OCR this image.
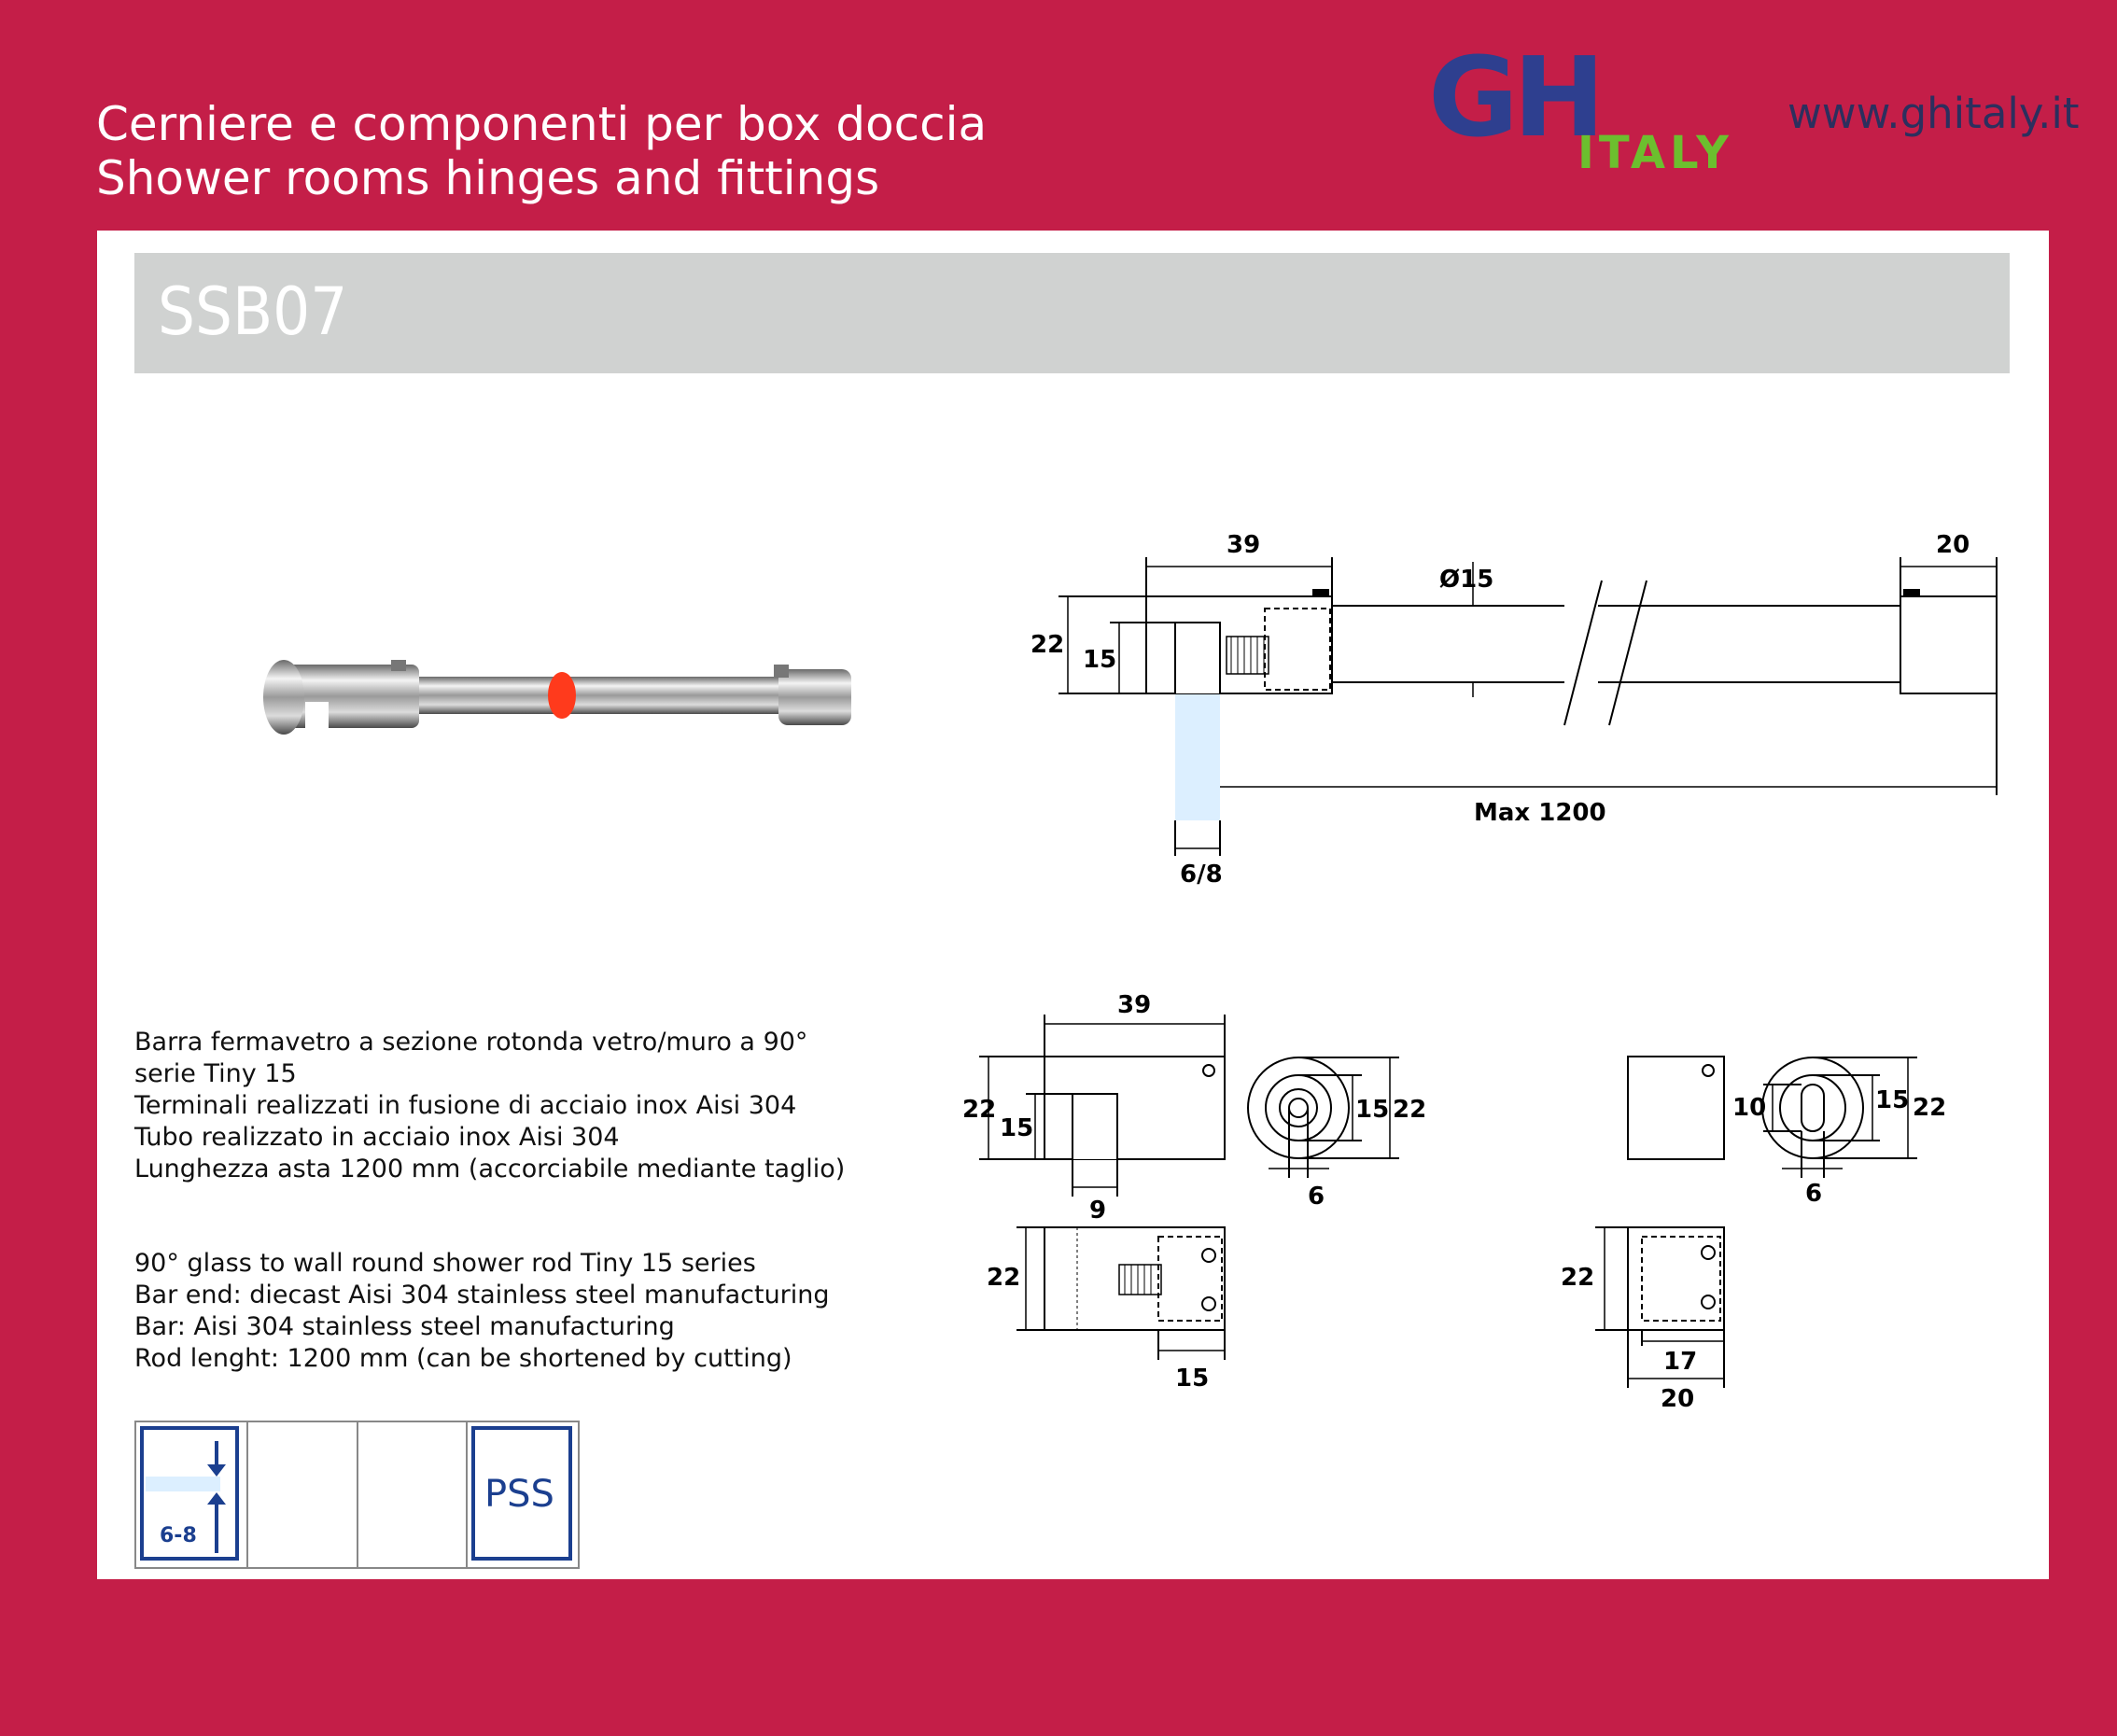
Cerniere e componenti per box doccia
Shower rooms hinges and fittings
GH
ITALY
www.ghitaly.it
SSB07
39
Ø15
20
22
15
Max 1200
6/8
Barra fermavetro a sezione rotonda vetro/muro a 90°
serie Tiny 15
Terminali realizzati in fusione di acciaio inox Aisi 304
Tubo realizzato in acciaio inox Aisi 304
Lunghezza asta 1200 mm (accorciabile mediante taglio)
90° glass to wall round shower rod Tiny 15 series
Bar end: diecast Aisi 304 stainless steel manufacturing
Bar: Aisi 304 stainless steel manufacturing
Rod lenght: 1200 mm (can be shortened by cutting)
39
22
15
9
15 22
6
22
15
10	15 22
6
22
17
20
6-8
PSS
